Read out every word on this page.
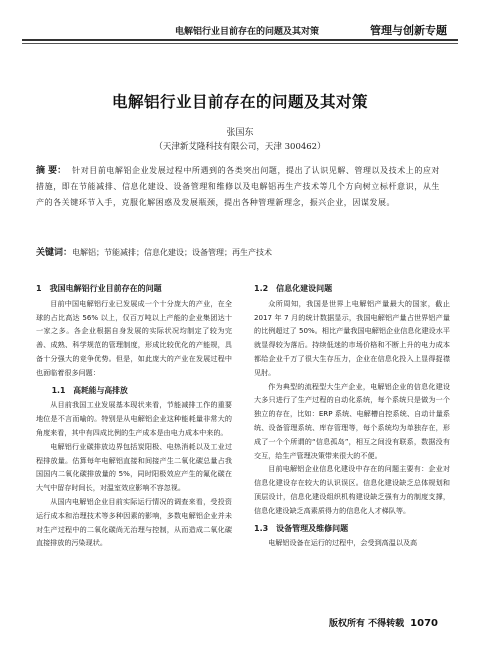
电解铝行业目前存在的问题及其对策	管理与创新专题
电解铝行业目前存在的问题及其对策
张国东
（天津新艾隆科技有限公司，天津 300462）
摘 要： 针对目前电解铝企业发展过程中所遇到的各类突出问题，提出了认识见解、管理以及技术上的应对措施，即在节能减排、信息化建设、设备管理和维修以及电解铝再生产技术等几个方向树立标杆意识，从生产的各关键环节入手，克服化解困惑及发展瓶颈，提出各种管理新理念，振兴企业，因谋发展。
关键词：电解铝；节能减排；信息化建设；设备管理；再生产技术
1　我国电解铝行业目前存在的问题

目前中国电解铝行业已发展成一个十分庞大的产业，在全球的占比高达 56% 以上，仅百万吨以上产能的企业集团达十一家之多。各企业根据自身发展的实际状况均制定了较为完善、成熟、科学规范的管理制度，形成比较优化的产能规，具备十分强大的竞争优势。但是，如此庞大的产业在发展过程中也面临着很多问题：

1.1　高耗能与高排放

从目前我国工业发展基本现状来看，节能减排工作的重要地位是不言而喻的。特别是从电解铝企业这种能耗量非常大的角度来看，其中有四成比例的生产成本是由电力成本中来的。

电解铝行业碳排放边界包括炭阳极、电热消耗以及工业过程排放量。估算每年电解铝直接和间接产生二氧化碳总量占我国国内二氧化碳排放量的 5%，同时阳极效应产生的氟化碳在大气中留存时间长，对温室效应影响不容忽视。

从国内电解铝企业目前实际运行情况的调查来看，受投资运行成本和治理技术等多种因素的影响，多数电解铝企业并未对生产过程中的二氧化碳尚无治理与控制，从而造成二氧化碳直接排放的污染现状。

1.2　信息化建设问题

众所周知，我国是世界上电解铝产量最大的国家，截止 2017 年 7 月的统计数据显示，我国电解铝产量占世界铝产量的比例超过了 50%。相比产量我国电解铝企业信息化建设水平就显得较为落后。持续低迷的市场价格和不断上升的电力成本都给企业千万了很大生存压力，企业在信息化投入上显得捉襟见肘。

作为典型的流程型大生产企业，电解铝企业的信息化建设大多只进行了生产过程的自动化系统，每个系统只是做为一个独立的存在，比如：ERP 系统、电解槽自控系统、自动计量系统、设备管理系统、库存管理等，每个系统均为单独存在，形成了一个个所谓的“信息孤岛”，相互之间没有联系，数据没有交互，给生产管理决策带来很大的不便。

目前电解铝企业信息化建设中存在的问题主要有：企业对信息化建设存在较大的认识误区。信息化建设缺乏总体规划和顶层设计，信息化建设组织机构建设缺乏强有力的制度支撑，信息化建设缺乏高素质得力的信息化人才梯队等。

1.3　设备管理及维修问题

电解铝设备在运行的过程中，会受到高温以及高

版权所有 不得转载 1070
